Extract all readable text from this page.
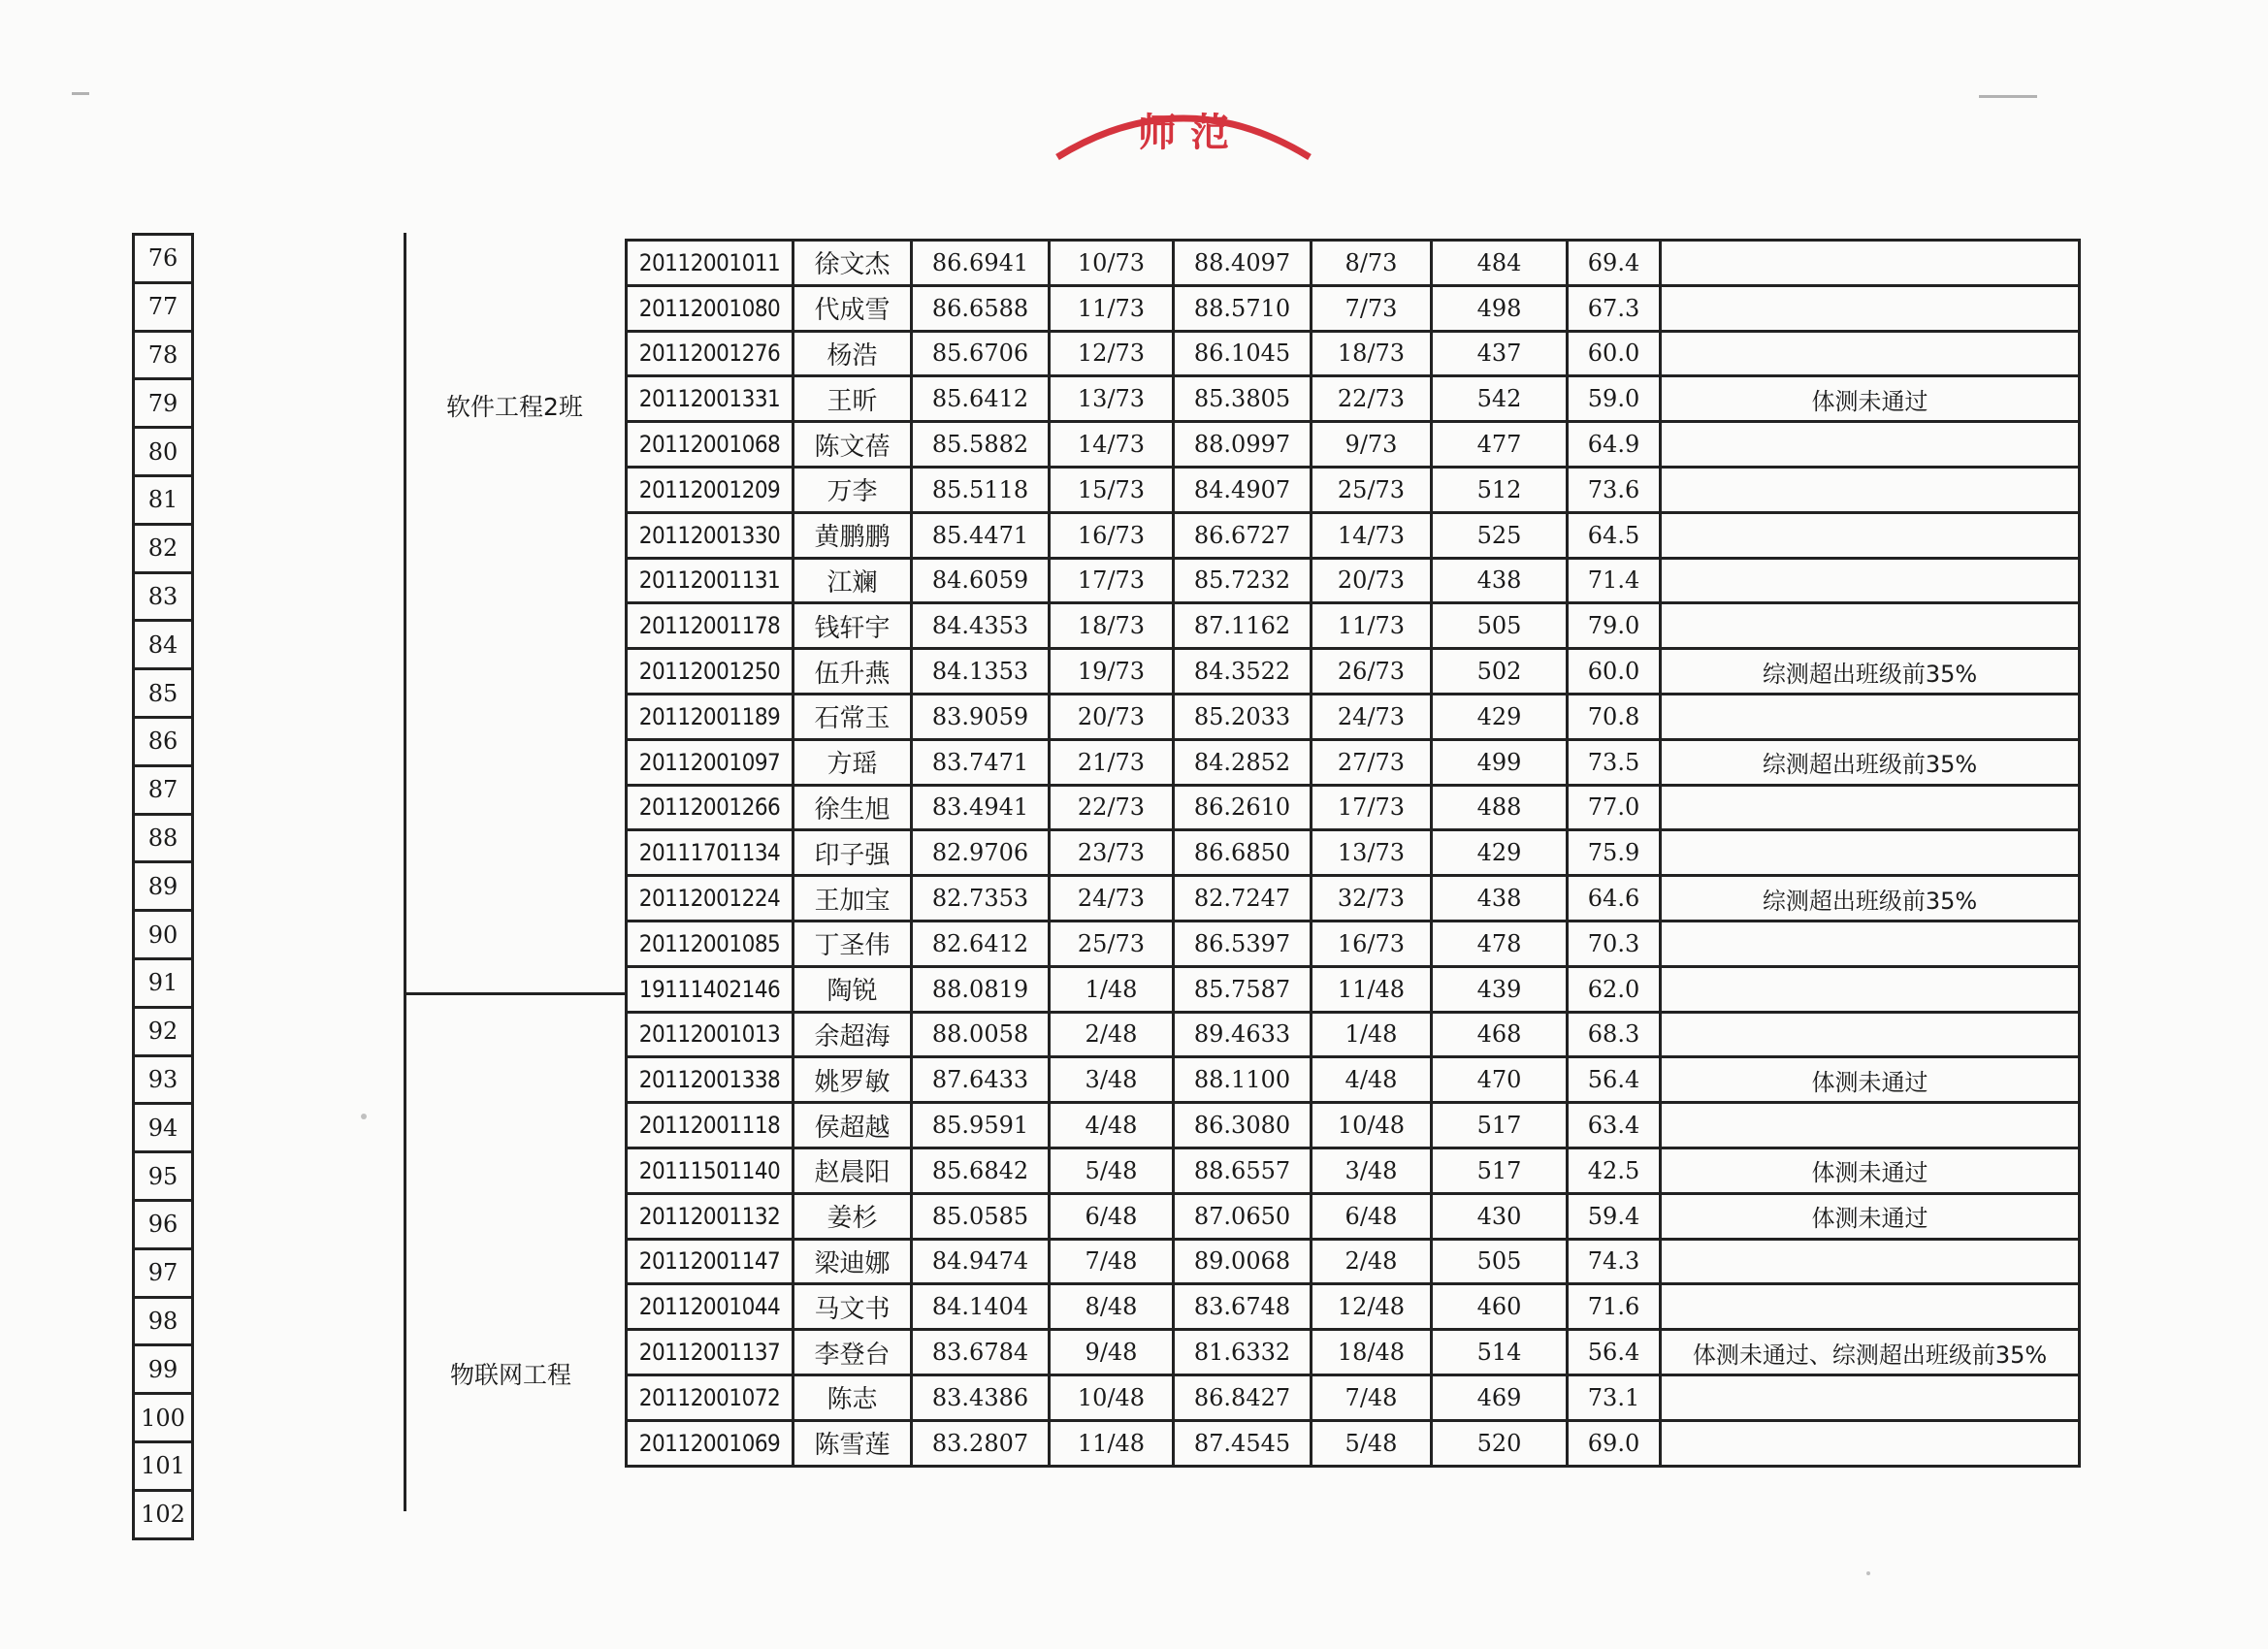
师 范
76
77
78
79
80
81
82
83
84
85
86
87
88
89
90
91
92
93
94
95
96
97
98
99
100
101
102
软件工程2班
物联网工程
20112001011	徐文杰	86.6941	10/73	88.4097	8/73	484	69.4	
20112001080	代成雪	86.6588	11/73	88.5710	7/73	498	67.3	
20112001276	杨浩	85.6706	12/73	86.1045	18/73	437	60.0	
20112001331	王昕	85.6412	13/73	85.3805	22/73	542	59.0	体测未通过
20112001068	陈文蓓	85.5882	14/73	88.0997	9/73	477	64.9	
20112001209	万李	85.5118	15/73	84.4907	25/73	512	73.6	
20112001330	黄鹏鹏	85.4471	16/73	86.6727	14/73	525	64.5	
20112001131	江斓	84.6059	17/73	85.7232	20/73	438	71.4	
20112001178	钱轩宇	84.4353	18/73	87.1162	11/73	505	79.0	
20112001250	伍升燕	84.1353	19/73	84.3522	26/73	502	60.0	综测超出班级前35%
20112001189	石常玉	83.9059	20/73	85.2033	24/73	429	70.8	
20112001097	方瑶	83.7471	21/73	84.2852	27/73	499	73.5	综测超出班级前35%
20112001266	徐生旭	83.4941	22/73	86.2610	17/73	488	77.0	
20111701134	印子强	82.9706	23/73	86.6850	13/73	429	75.9	
20112001224	王加宝	82.7353	24/73	82.7247	32/73	438	64.6	综测超出班级前35%
20112001085	丁圣伟	82.6412	25/73	86.5397	16/73	478	70.3	
19111402146	陶锐	88.0819	1/48	85.7587	11/48	439	62.0	
20112001013	余超海	88.0058	2/48	89.4633	1/48	468	68.3	
20112001338	姚罗敏	87.6433	3/48	88.1100	4/48	470	56.4	体测未通过
20112001118	侯超越	85.9591	4/48	86.3080	10/48	517	63.4	
20111501140	赵晨阳	85.6842	5/48	88.6557	3/48	517	42.5	体测未通过
20112001132	姜杉	85.0585	6/48	87.0650	6/48	430	59.4	体测未通过
20112001147	梁迪娜	84.9474	7/48	89.0068	2/48	505	74.3	
20112001044	马文书	84.1404	8/48	83.6748	12/48	460	71.6	
20112001137	李登台	83.6784	9/48	81.6332	18/48	514	56.4	体测未通过、综测超出班级前35%
20112001072	陈志	83.4386	10/48	86.8427	7/48	469	73.1	
20112001069	陈雪莲	83.2807	11/48	87.4545	5/48	520	69.0	
